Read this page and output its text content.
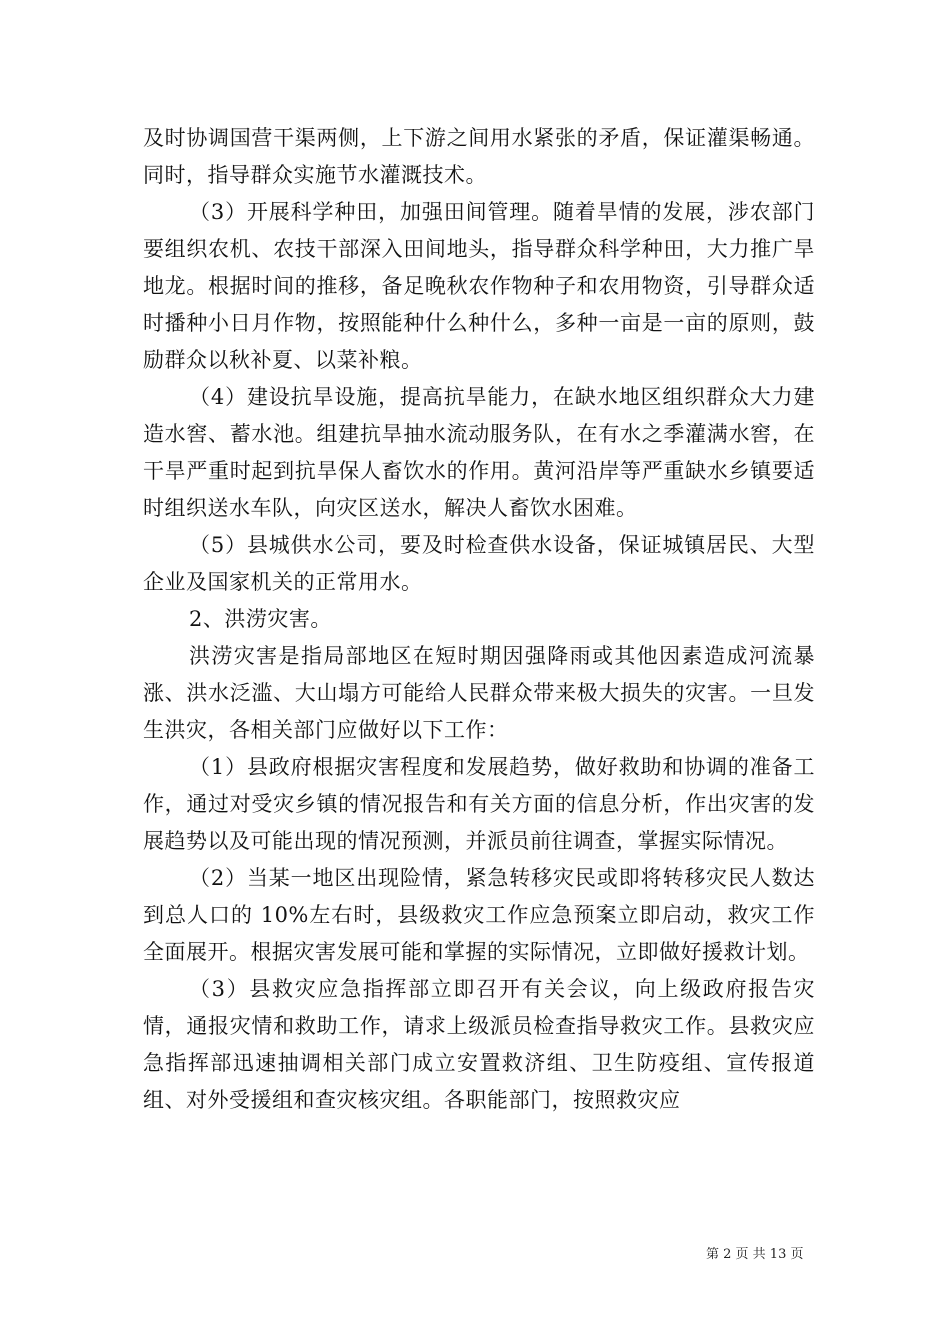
及时协调国营干渠两侧，上下游之间用水紧张的矛盾，保证灌渠畅通。同时，指导群众实施节水灌溉技术。

（3）开展科学种田，加强田间管理。随着旱情的发展，涉农部门要组织农机、农技干部深入田间地头，指导群众科学种田，大力推广旱地龙。根据时间的推移，备足晚秋农作物种子和农用物资，引导群众适时播种小日月作物，按照能种什么种什么，多种一亩是一亩的原则，鼓励群众以秋补夏、以菜补粮。

（4）建设抗旱设施，提高抗旱能力，在缺水地区组织群众大力建造水窖、蓄水池。组建抗旱抽水流动服务队，在有水之季灌满水窖，在干旱严重时起到抗旱保人畜饮水的作用。黄河沿岸等严重缺水乡镇要适时组织送水车队，向灾区送水，解决人畜饮水困难。

（5）县城供水公司，要及时检查供水设备，保证城镇居民、大型企业及国家机关的正常用水。

2、洪涝灾害。

洪涝灾害是指局部地区在短时期因强降雨或其他因素造成河流暴涨、洪水泛滥、大山塌方可能给人民群众带来极大损失的灾害。一旦发生洪灾，各相关部门应做好以下工作：

（1）县政府根据灾害程度和发展趋势，做好救助和协调的准备工作，通过对受灾乡镇的情况报告和有关方面的信息分析，作出灾害的发展趋势以及可能出现的情况预测，并派员前往调查，掌握实际情况。

（2）当某一地区出现险情，紧急转移灾民或即将转移灾民人数达到总人口的 10%左右时，县级救灾工作应急预案立即启动，救灾工作全面展开。根据灾害发展可能和掌握的实际情况，立即做好援救计划。

（3）县救灾应急指挥部立即召开有关会议，向上级政府报告灾情，通报灾情和救助工作，请求上级派员检查指导救灾工作。县救灾应急指挥部迅速抽调相关部门成立安置救济组、卫生防疫组、宣传报道组、对外受援组和查灾核灾组。各职能部门，按照救灾应

第 2 页 共 13 页
